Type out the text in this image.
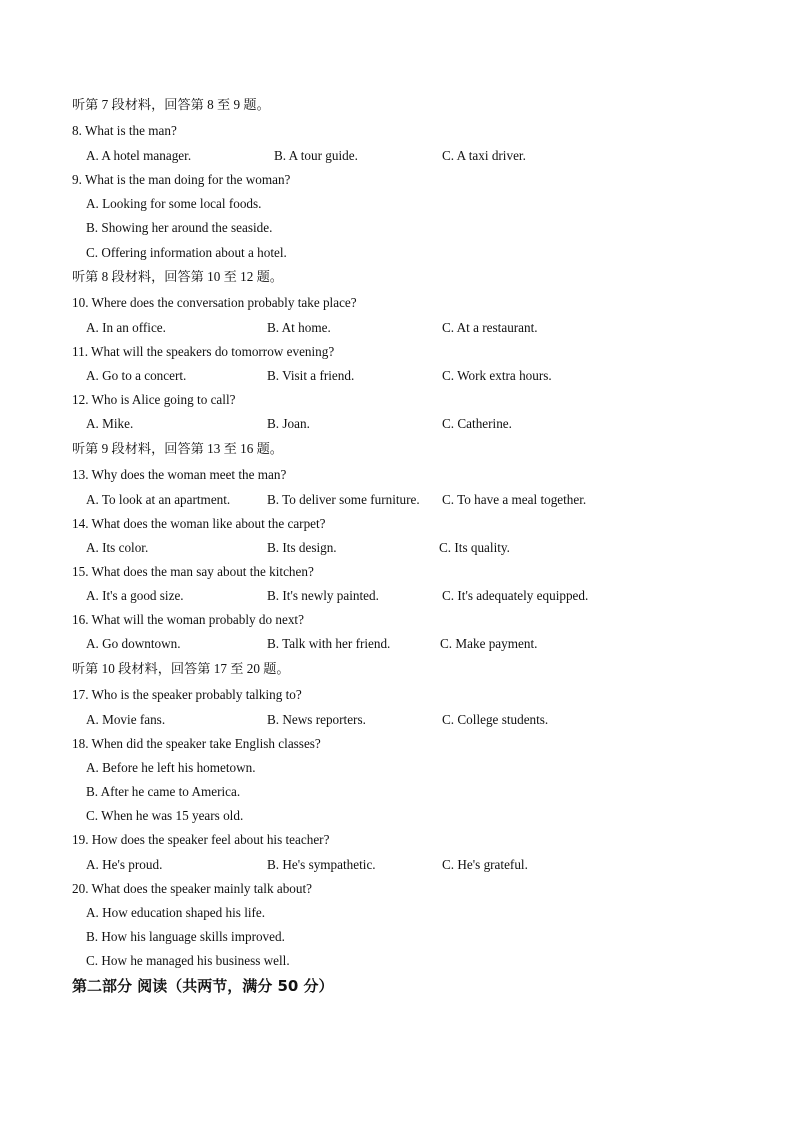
听第 7 段材料，回答第 8 至 9 题。
8. What is the man?
A. A hotel manager.	B. A tour guide.	C. A taxi driver.
9. What is the man doing for the woman?
A. Looking for some local foods.
B. Showing her around the seaside.
C. Offering information about a hotel.
听第 8 段材料，回答第 10 至 12 题。
10. Where does the conversation probably take place?
A. In an office.	B. At home.	C. At a restaurant.
11. What will the speakers do tomorrow evening?
A. Go to a concert.	B. Visit a friend.	C. Work extra hours.
12. Who is Alice going to call?
A. Mike.	B. Joan.	C. Catherine.
听第 9 段材料，回答第 13 至 16 题。
13. Why does the woman meet the man?
A. To look at an apartment.	B. To deliver some furniture. C. To have a meal together.
14. What does the woman like about the carpet?
A. Its color.	B. Its design.	C. Its quality.
15. What does the man say about the kitchen?
A. It's a good size.	B. It's newly painted.	C. It's adequately equipped.
16. What will the woman probably do next?
A. Go downtown.	B. Talk with her friend.	C. Make payment.
听第 10 段材料，回答第 17 至 20 题。
17. Who is the speaker probably talking to?
A. Movie fans.	B. News reporters.	C. College students.
18. When did the speaker take English classes?
A. Before he left his hometown.
B. After he came to America.
C. When he was 15 years old.
19. How does the speaker feel about his teacher?
A. He's proud.	B. He's sympathetic.	C. He's grateful.
20. What does the speaker mainly talk about?
A. How education shaped his life.
B. How his language skills improved.
C. How he managed his business well.
第二部分 阅读（共两节，满分 50 分）
